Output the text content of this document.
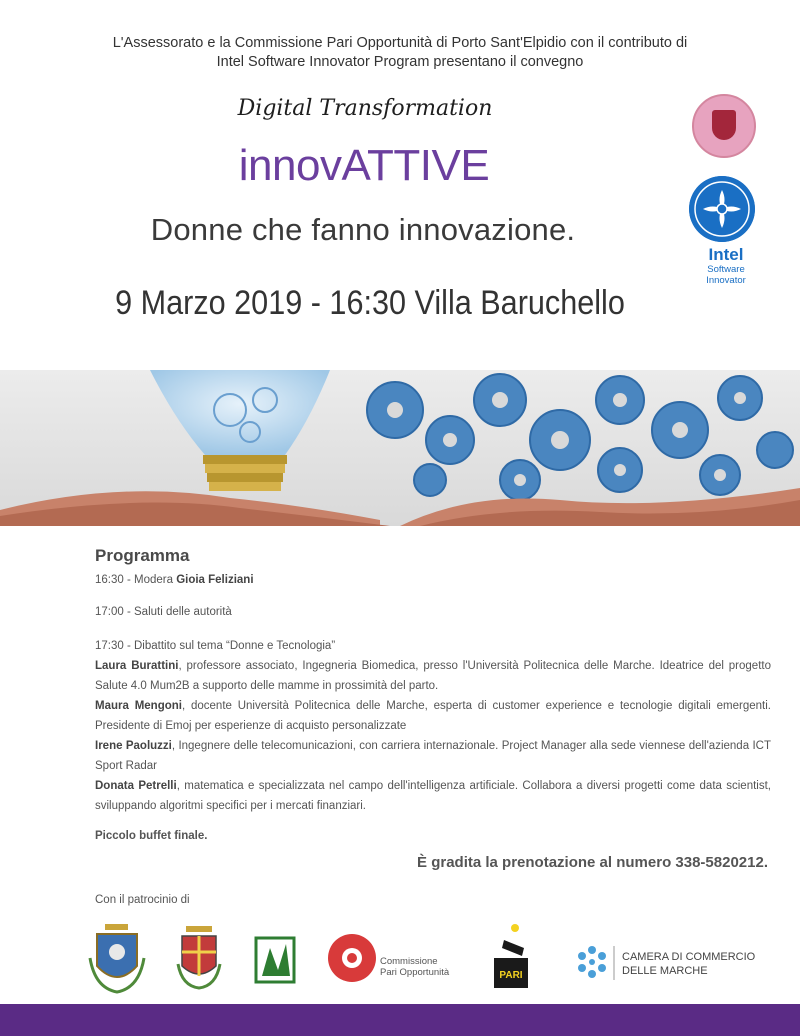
L'Assessorato e la Commissione Pari Opportunità di Porto Sant'Elpidio con il contributo di
Intel Software Innovator Program presentano il convegno
Digital Transformation
innovATTIVE
Donne che fanno innovazione.
9 Marzo 2019 - 16:30 Villa Baruchello
Intel
Software
Innovator
Programma
16:30 - Modera Gioia Feliziani
17:00 - Saluti delle autorità
17:30 - Dibattito sul tema “Donne e Tecnologia”
Laura Burattini, professore associato, Ingegneria Biomedica, presso l'Università Politecnica delle Marche. Ideatrice del progetto Salute 4.0 Mum2B a supporto delle mamme in prossimità del parto.
Maura Mengoni, docente Università Politecnica delle Marche, esperta di customer experience e tecnologie digitali emergenti. Presidente di Emoj per esperienze di acquisto personalizzate
Irene Paoluzzi, Ingegnere delle telecomunicazioni, con carriera internazionale. Project Manager alla sede viennese dell'azienda ICT Sport Radar
Donata Petrelli, matematica e specializzata nel campo dell'intelligenza artificiale. Collabora a diversi progetti come data scientist, sviluppando algoritmi specifici per i mercati finanziari.
Piccolo buffet finale.
È gradita la prenotazione al numero 338-5820212.
Con il patrocinio di
Commissione
Pari Opportunità	PARI
CAMERA DI COMMERCIO
DELLE MARCHE
